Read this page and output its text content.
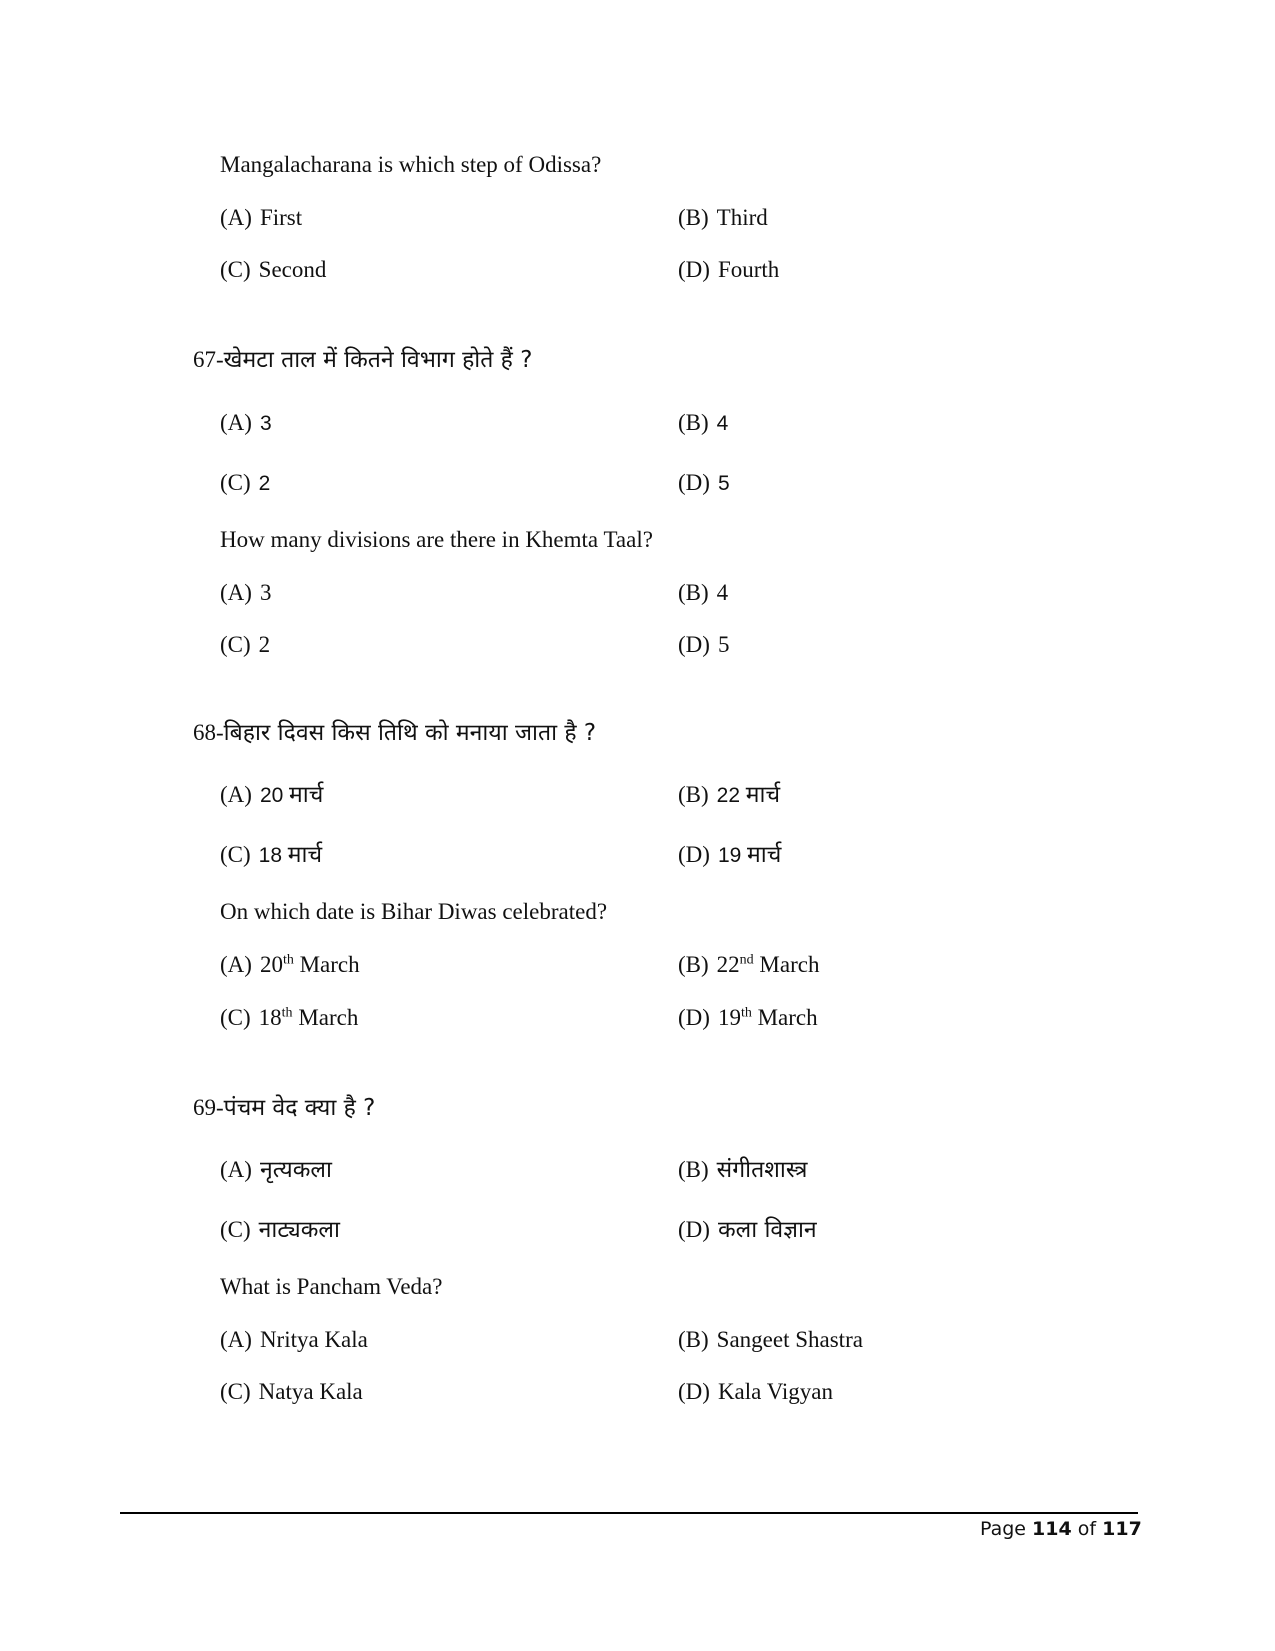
Mangalacharana is which step of Odissa?
(A) First	(B) Third
(C) Second	(D) Fourth
67-खेमटा ताल में कितने विभाग होते हैं ?
(A) 3	(B) 4
(C) 2	(D) 5
How many divisions are there in Khemta Taal?
(A) 3	(B) 4
(C) 2	(D) 5
68-बिहार दिवस किस तिथि को मनाया जाता है ?
(A) 20 मार्च	(B) 22 मार्च
(C) 18 मार्च	(D) 19 मार्च
On which date is Bihar Diwas celebrated?
(A) 20th March	(B) 22nd March
(C) 18th March	(D) 19th March
69-पंचम वेद क्या है ?
(A) नृत्यकला	(B) संगीतशास्त्र
(C) नाट्यकला	(D) कला विज्ञान
What is Pancham Veda?
(A) Nritya Kala	(B) Sangeet Shastra
(C) Natya Kala	(D) Kala Vigyan
Page 114 of 117
